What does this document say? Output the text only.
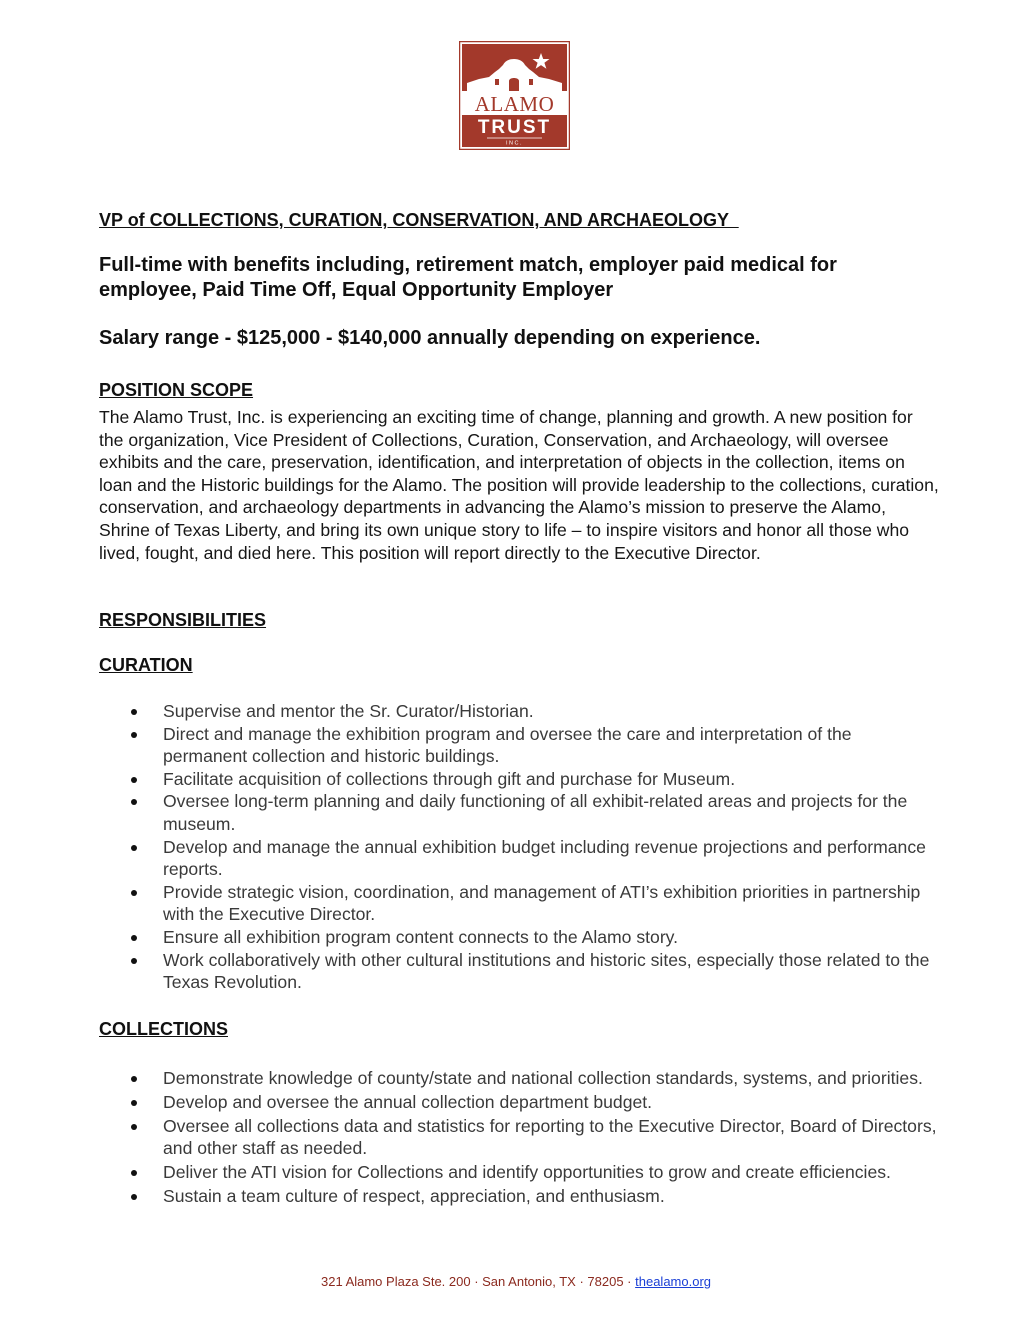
ALAMO
TRUST
INC.
VP of COLLECTIONS, CURATION, CONSERVATION, AND ARCHAEOLOGY

Full-time with benefits including, retirement match, employer paid medical for employee, Paid Time Off, Equal Opportunity Employer

Salary range - $125,000 - $140,000 annually depending on experience.

POSITION SCOPE

The Alamo Trust, Inc. is experiencing an exciting time of change, planning and growth. A new position for the organization, Vice President of Collections, Curation, Conservation, and Archaeology, will oversee exhibits and the care, preservation, identification, and interpretation of objects in the collection, items on loan and the Historic buildings for the Alamo. The position will provide leadership to the collections, curation, conservation, and archaeology departments in advancing the Alamo’s mission to preserve the Alamo, Shrine of Texas Liberty, and bring its own unique story to life – to inspire visitors and honor all those who lived, fought, and died here. This position will report directly to the Executive Director.

RESPONSIBILITIES
CURATION
Supervise and mentor the Sr. Curator/Historian.
Direct and manage the exhibition program and oversee the care and interpretation of the permanent collection and historic buildings.
Facilitate acquisition of collections through gift and purchase for Museum.
Oversee long-term planning and daily functioning of all exhibit-related areas and projects for the museum.
Develop and manage the annual exhibition budget including revenue projections and performance reports.
Provide strategic vision, coordination, and management of ATI’s exhibition priorities in partnership with the Executive Director.
Ensure all exhibition program content connects to the Alamo story.
Work collaboratively with other cultural institutions and historic sites, especially those related to the Texas Revolution.
COLLECTIONS
Demonstrate knowledge of county/state and national collection standards, systems, and priorities.
Develop and oversee the annual collection department budget.
Oversee all collections data and statistics for reporting to the Executive Director, Board of Directors, and other staff as needed.
Deliver the ATI vision for Collections and identify opportunities to grow and create efficiencies.
Sustain a team culture of respect, appreciation, and enthusiasm.
321 Alamo Plaza Ste. 200 · San Antonio, TX · 78205 · thealamo.org
